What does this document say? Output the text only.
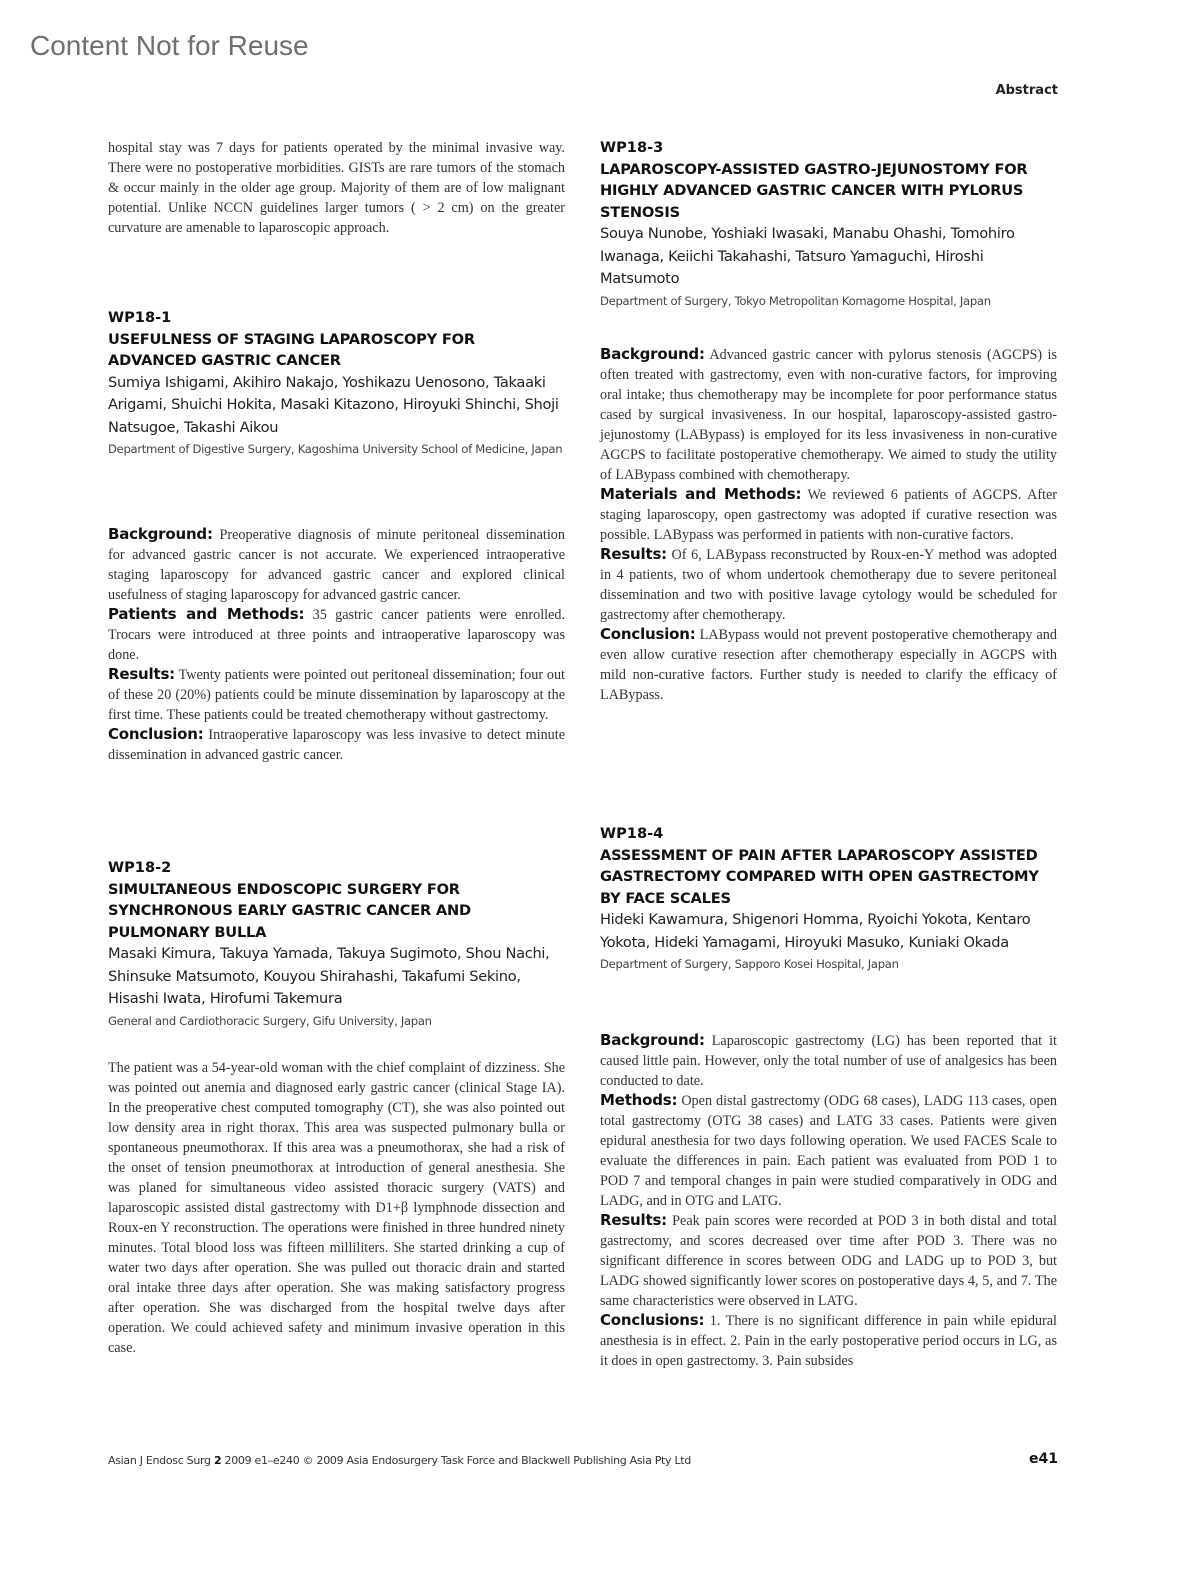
Content Not for Reuse
Abstract

hospital stay was 7 days for patients operated by the minimal invasive way. There were no postoperative morbidities. GISTs are rare tumors of the stomach & occur mainly in the older age group. Majority of them are of low malignant potential. Unlike NCCN guidelines larger tumors ( > 2 cm) on the greater curvature are amenable to laparoscopic approach.

WP18-1

USEFULNESS OF STAGING LAPAROSCOPY FOR ADVANCED GASTRIC CANCER

Sumiya Ishigami, Akihiro Nakajo, Yoshikazu Uenosono, Takaaki Arigami, Shuichi Hokita, Masaki Kitazono, Hiroyuki Shinchi, Shoji Natsugoe, Takashi Aikou

Department of Digestive Surgery, Kagoshima University School of Medicine, Japan

Background: Preoperative diagnosis of minute peritoneal dissemination for advanced gastric cancer is not accurate. We experienced intraoperative staging laparoscopy for advanced gastric cancer and explored clinical usefulness of staging laparoscopy for advanced gastric cancer.

Patients and Methods: 35 gastric cancer patients were enrolled. Trocars were introduced at three points and intraoperative laparoscopy was done.

Results: Twenty patients were pointed out peritoneal dissemination; four out of these 20 (20%) patients could be minute dissemination by laparoscopy at the first time. These patients could be treated chemotherapy without gastrectomy.

Conclusion: Intraoperative laparoscopy was less invasive to detect minute dissemination in advanced gastric cancer.

WP18-2

SIMULTANEOUS ENDOSCOPIC SURGERY FOR SYNCHRONOUS EARLY GASTRIC CANCER AND PULMONARY BULLA

Masaki Kimura, Takuya Yamada, Takuya Sugimoto, Shou Nachi, Shinsuke Matsumoto, Kouyou Shirahashi, Takafumi Sekino, Hisashi Iwata, Hirofumi Takemura

General and Cardiothoracic Surgery, Gifu University, Japan

The patient was a 54-year-old woman with the chief complaint of dizziness. She was pointed out anemia and diagnosed early gastric cancer (clinical Stage IA). In the preoperative chest computed tomography (CT), she was also pointed out low density area in right thorax. This area was suspected pulmonary bulla or spontaneous pneumothorax. If this area was a pneumothorax, she had a risk of the onset of tension pneumothorax at introduction of general anesthesia. She was planed for simultaneous video assisted thoracic surgery (VATS) and laparoscopic assisted distal gastrectomy with D1+β lymphnode dissection and Roux-en Y reconstruction. The operations were finished in three hundred ninety minutes. Total blood loss was fifteen milliliters. She started drinking a cup of water two days after operation. She was pulled out thoracic drain and started oral intake three days after operation. She was making satisfactory progress after operation. She was discharged from the hospital twelve days after operation. We could achieved safety and minimum invasive operation in this case.

WP18-3

LAPAROSCOPY-ASSISTED GASTRO-JEJUNOSTOMY FOR HIGHLY ADVANCED GASTRIC CANCER WITH PYLORUS STENOSIS

Souya Nunobe, Yoshiaki Iwasaki, Manabu Ohashi, Tomohiro Iwanaga, Keiichi Takahashi, Tatsuro Yamaguchi, Hiroshi Matsumoto

Department of Surgery, Tokyo Metropolitan Komagome Hospital, Japan

Background: Advanced gastric cancer with pylorus stenosis (AGCPS) is often treated with gastrectomy, even with non-curative factors, for improving oral intake; thus chemotherapy may be incomplete for poor performance status cased by surgical invasiveness. In our hospital, laparoscopy-assisted gastro-jejunostomy (LABypass) is employed for its less invasiveness in non-curative AGCPS to facilitate postoperative chemotherapy. We aimed to study the utility of LABypass combined with chemotherapy.

Materials and Methods: We reviewed 6 patients of AGCPS. After staging laparoscopy, open gastrectomy was adopted if curative resection was possible. LABypass was performed in patients with non-curative factors.

Results: Of 6, LABypass reconstructed by Roux-en-Y method was adopted in 4 patients, two of whom undertook chemotherapy due to severe peritoneal dissemination and two with positive lavage cytology would be scheduled for gastrectomy after chemotherapy.

Conclusion: LABypass would not prevent postoperative chemotherapy and even allow curative resection after chemotherapy especially in AGCPS with mild non-curative factors. Further study is needed to clarify the efficacy of LABypass.

WP18-4

ASSESSMENT OF PAIN AFTER LAPAROSCOPY ASSISTED GASTRECTOMY COMPARED WITH OPEN GASTRECTOMY BY FACE SCALES

Hideki Kawamura, Shigenori Homma, Ryoichi Yokota, Kentaro Yokota, Hideki Yamagami, Hiroyuki Masuko, Kuniaki Okada

Department of Surgery, Sapporo Kosei Hospital, Japan

Background: Laparoscopic gastrectomy (LG) has been reported that it caused little pain. However, only the total number of use of analgesics has been conducted to date.

Methods: Open distal gastrectomy (ODG 68 cases), LADG 113 cases, open total gastrectomy (OTG 38 cases) and LATG 33 cases. Patients were given epidural anesthesia for two days following operation. We used FACES Scale to evaluate the differences in pain. Each patient was evaluated from POD 1 to POD 7 and temporal changes in pain were studied comparatively in ODG and LADG, and in OTG and LATG.

Results: Peak pain scores were recorded at POD 3 in both distal and total gastrectomy, and scores decreased over time after POD 3. There was no significant difference in scores between ODG and LADG up to POD 3, but LADG showed significantly lower scores on postoperative days 4, 5, and 7. The same characteristics were observed in LATG.

Conclusions: 1. There is no significant difference in pain while epidural anesthesia is in effect. 2. Pain in the early postoperative period occurs in LG, as it does in open gastrectomy. 3. Pain subsides

Asian J Endosc Surg 2 2009 e1–e240 © 2009 Asia Endosurgery Task Force and Blackwell Publishing Asia Pty Ltd	e41
